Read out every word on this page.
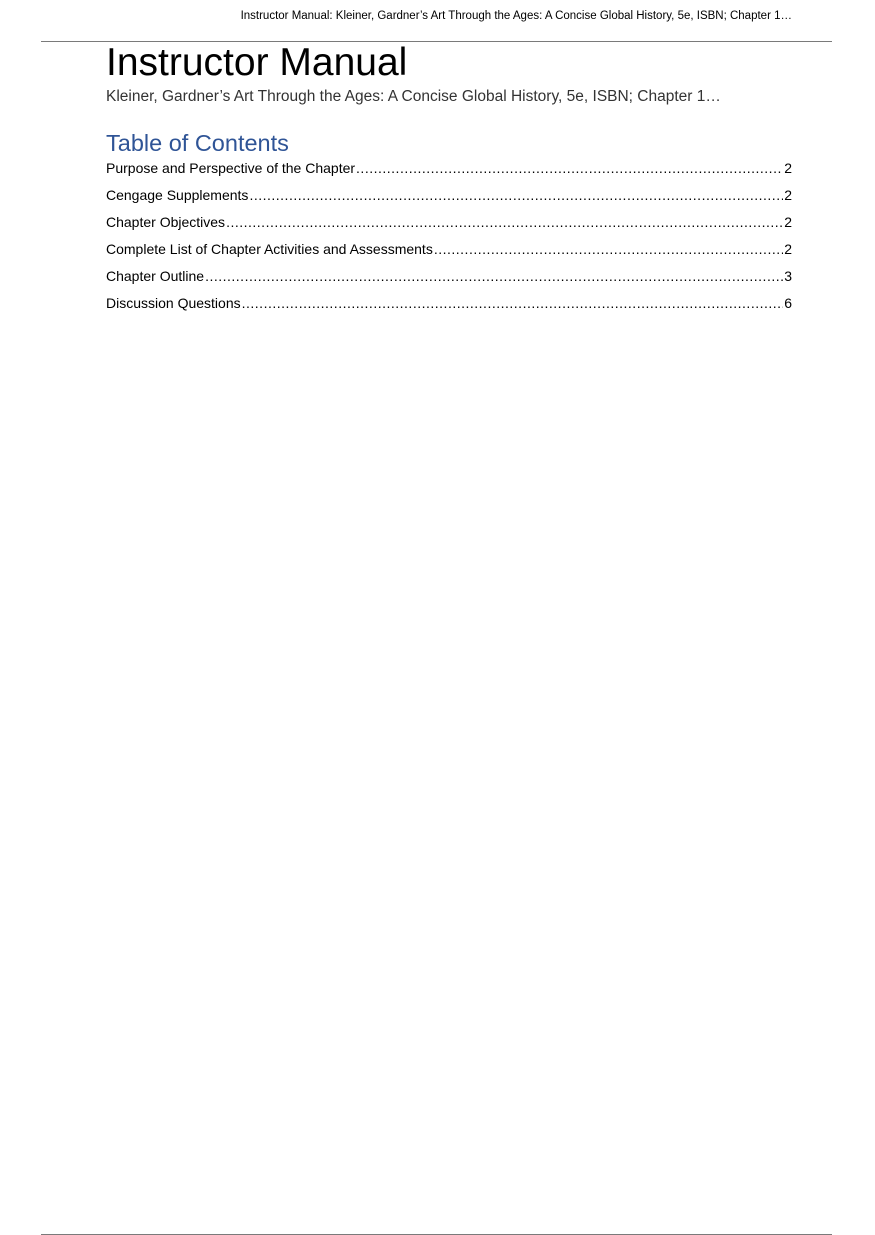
Instructor Manual: Kleiner, Gardner’s Art Through the Ages: A Concise Global History, 5e, ISBN; Chapter 1…
Instructor Manual
Kleiner, Gardner’s Art Through the Ages: A Concise Global History, 5e, ISBN; Chapter 1…
Table of Contents
Purpose and Perspective of the Chapter .....	2
Cengage Supplements .....	2
Chapter Objectives .....	2
Complete List of Chapter Activities and Assessments .....	2
Chapter Outline .....	3
Discussion Questions .....	6
